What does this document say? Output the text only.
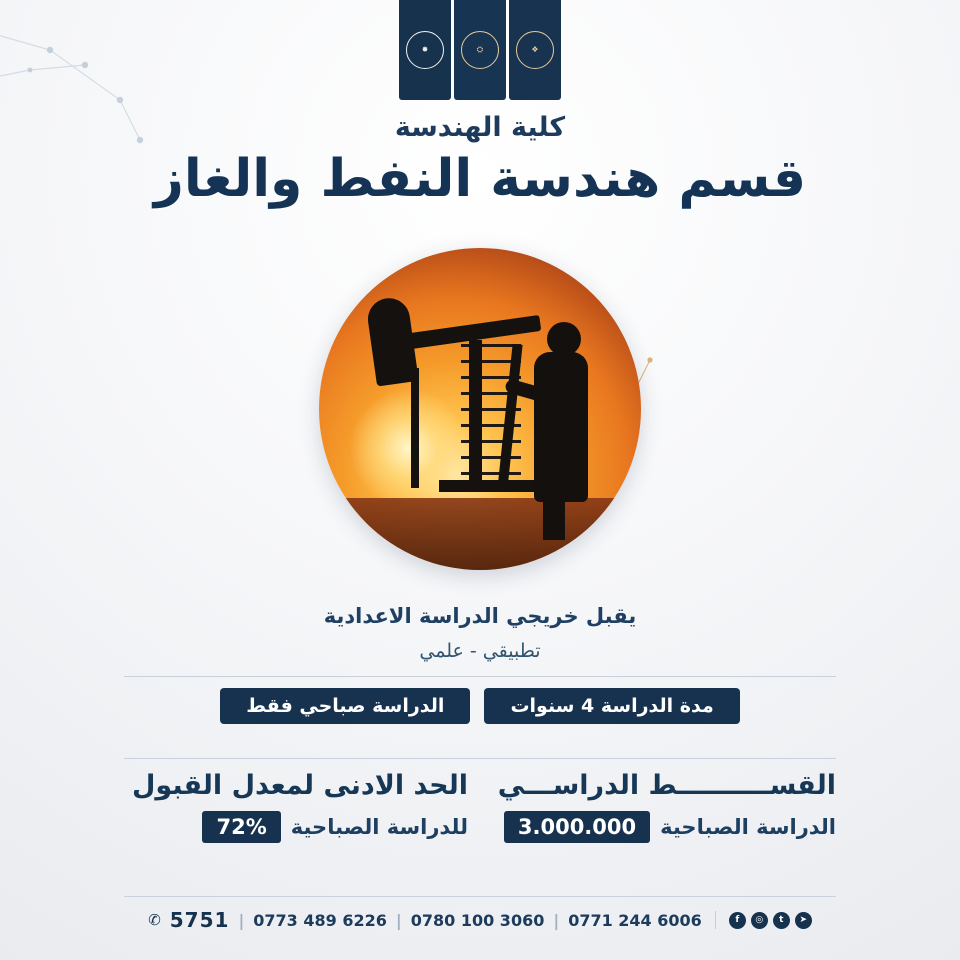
❖
⛭
✸
كلية الهندسة
قسم هندسة النفط والغاز
يقبل خريجي الدراسة الاعدادية
تطبيقي - علمي
مدة الدراسة 4 سنوات
الدراسة صباحي فقط
القســــــــــط الدراســـي
الدراسة الصباحية
3.000.000
الحد الادنى لمعدل القبول
للدراسة الصباحية
72%
✆ 5751 | 0773 489 6226 | 0780 100 3060 | 0771 244 6006	f	◎	t	➤
